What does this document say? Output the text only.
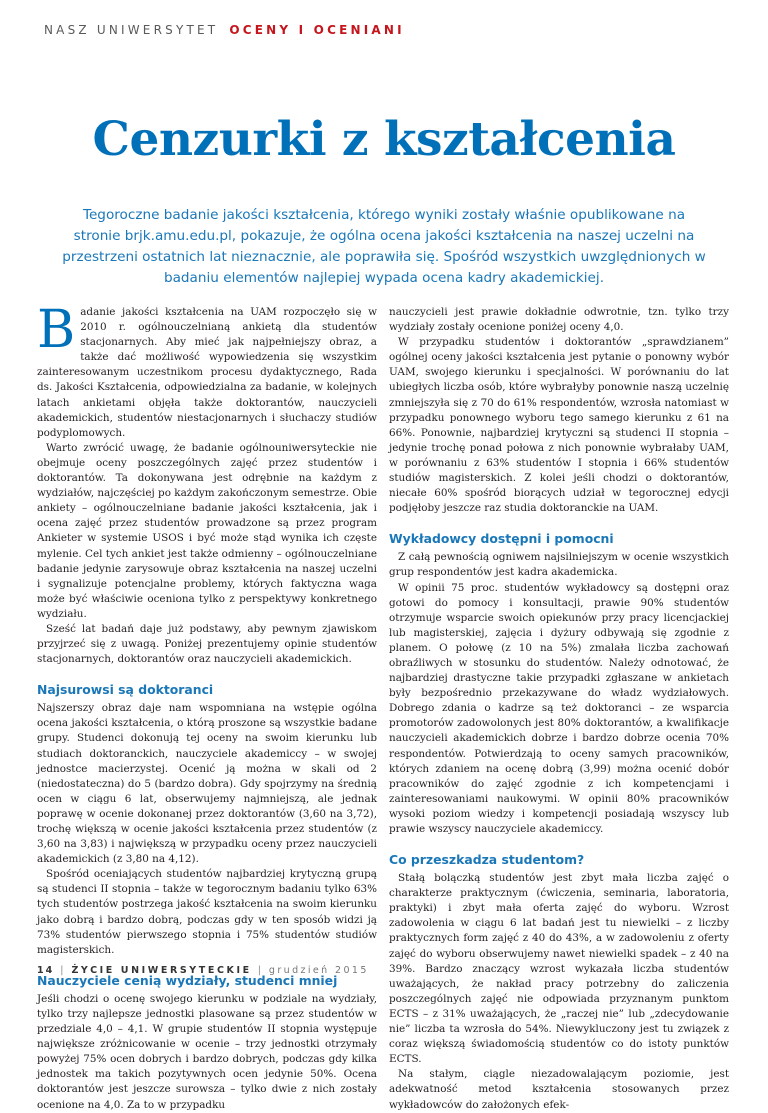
NASZ UNIWERSYTET OCENY I OCENIANI
Cenzurki z kształcenia
Tegoroczne badanie jakości kształcenia, którego wyniki zostały właśnie opublikowane na stronie brjk.amu.edu.pl, pokazuje, że ogólna ocena jakości kształcenia na naszej uczelni na przestrzeni ostatnich lat nieznacznie, ale poprawiła się. Spośród wszystkich uwzględnionych w badaniu elementów najlepiej wypada ocena kadry akademickiej.

Badanie jakości kształcenia na UAM rozpoczęło się w 2010 r. ogólnouczelnianą ankietą dla studentów stacjonarnych. Aby mieć jak najpełniejszy obraz, a także dać możliwość wypowiedzenia się wszystkim zainteresowanym uczestnikom procesu dydaktycznego, Rada ds. Jakości Kształcenia, odpowiedzialna za badanie, w kolejnych latach ankietami objęła także doktorantów, nauczycieli akademickich, studentów niestacjonarnych i słuchaczy studiów podyplomowych.

Warto zwrócić uwagę, że badanie ogólnouniwersyteckie nie obejmuje oceny poszczególnych zajęć przez studentów i doktorantów. Ta dokonywana jest odrębnie na każdym z wydziałów, najczęściej po każdym zakończonym semestrze. Obie ankiety – ogólnouczelniane badanie jakości kształcenia, jak i ocena zajęć przez studentów prowadzone są przez program Ankieter w systemie USOS i być może stąd wynika ich częste mylenie. Cel tych ankiet jest także odmienny – ogólnouczelniane badanie jedynie zarysowuje obraz kształcenia na naszej uczelni i sygnalizuje potencjalne problemy, których faktyczna waga może być właściwie oceniona tylko z perspektywy konkretnego wydziału.

Sześć lat badań daje już podstawy, aby pewnym zjawiskom przyjrzeć się z uwagą. Poniżej prezentujemy opinie studentów stacjonarnych, doktorantów oraz nauczycieli akademickich.

Najsurowsi są doktoranci

Najszerszy obraz daje nam wspomniana na wstępie ogólna ocena jakości kształcenia, o którą proszone są wszystkie badane grupy. Studenci dokonują tej oceny na swoim kierunku lub studiach doktoranckich, nauczyciele akademiccy – w swojej jednostce macierzystej. Ocenić ją można w skali od 2 (niedostateczna) do 5 (bardzo dobra). Gdy spojrzymy na średnią ocen w ciągu 6 lat, obserwujemy najmniejszą, ale jednak poprawę w ocenie dokonanej przez doktorantów (3,60 na 3,72), trochę większą w ocenie jakości kształcenia przez studentów (z 3,60 na 3,83) i największą w przypadku oceny przez nauczycieli akademickich (z 3,80 na 4,12).

Spośród oceniających studentów najbardziej krytyczną grupą są studenci II stopnia – także w tegorocznym badaniu tylko 63% tych studentów postrzega jakość kształcenia na swoim kierunku jako dobrą i bardzo dobrą, podczas gdy w ten sposób widzi ją 73% studentów pierwszego stopnia i 75% studentów studiów magisterskich.

Nauczyciele cenią wydziały, studenci mniej

Jeśli chodzi o ocenę swojego kierunku w podziale na wydziały, tylko trzy najlepsze jednostki plasowane są przez studentów w przedziale 4,0 – 4,1. W grupie studentów II stopnia występuje największe zróżnicowanie w ocenie – trzy jednostki otrzymały powyżej 75% ocen dobrych i bardzo dobrych, podczas gdy kilka jednostek ma takich pozytywnych ocen jedynie 50%. Ocena doktorantów jest jeszcze surowsza – tylko dwie z nich zostały ocenione na 4,0. Za to w przypadku

nauczycieli jest prawie dokładnie odwrotnie, tzn. tylko trzy wydziały zostały ocenione poniżej oceny 4,0.

W przypadku studentów i doktorantów „sprawdzianem” ogólnej oceny jakości kształcenia jest pytanie o ponowny wybór UAM, swojego kierunku i specjalności. W porównaniu do lat ubiegłych liczba osób, które wybrałyby ponownie naszą uczelnię zmniejszyła się z 70 do 61% respondentów, wzrosła natomiast w przypadku ponownego wyboru tego samego kierunku z 61 na 66%. Ponownie, najbardziej krytyczni są studenci II stopnia – jedynie trochę ponad połowa z nich ponownie wybrałaby UAM, w porównaniu z 63% studentów I stopnia i 66% studentów studiów magisterskich. Z kolei jeśli chodzi o doktorantów, niecałe 60% spośród biorących udział w tegorocznej edycji podjęłoby jeszcze raz studia doktoranckie na UAM.

Wykładowcy dostępni i pomocni

Z całą pewnością ogniwem najsilniejszym w ocenie wszystkich grup respondentów jest kadra akademicka.

W opinii 75 proc. studentów wykładowcy są dostępni oraz gotowi do pomocy i konsultacji, prawie 90% studentów otrzymuje wsparcie swoich opiekunów przy pracy licencjackiej lub magisterskiej, zajęcia i dyżury odbywają się zgodnie z planem. O połowę (z 10 na 5%) zmalała liczba zachowań obraźliwych w stosunku do studentów. Należy odnotować, że najbardziej drastyczne takie przypadki zgłaszane w ankietach były bezpośrednio przekazywane do władz wydziałowych. Dobrego zdania o kadrze są też doktoranci – ze wsparcia promotorów zadowolonych jest 80% doktorantów, a kwalifikacje nauczycieli akademickich dobrze i bardzo dobrze ocenia 70% respondentów. Potwierdzają to oceny samych pracowników, których zdaniem na ocenę dobrą (3,99) można ocenić dobór pracowników do zajęć zgodnie z ich kompetencjami i zainteresowaniami naukowymi. W opinii 80% pracowników wysoki poziom wiedzy i kompetencji posiadają wszyscy lub prawie wszyscy nauczyciele akademiccy.

Co przeszkadza studentom?

Stałą bolączką studentów jest zbyt mała liczba zajęć o charakterze praktycznym (ćwiczenia, seminaria, laboratoria, praktyki) i zbyt mała oferta zajęć do wyboru. Wzrost zadowolenia w ciągu 6 lat badań jest tu niewielki – z liczby praktycznych form zajęć z 40 do 43%, a w zadowoleniu z oferty zajęć do wyboru obserwujemy nawet niewielki spadek – z 40 na 39%. Bardzo znaczący wzrost wykazała liczba studentów uważających, że nakład pracy potrzebny do zaliczenia poszczególnych zajęć nie odpowiada przyznanym punktom ECTS – z 31% uważających, że „raczej nie” lub „zdecydowanie nie” liczba ta wzrosła do 54%. Niewykluczony jest tu związek z coraz większą świadomością studentów co do istoty punktów ECTS.

Na stałym, ciągle niezadowalającym poziomie, jest adekwatność metod kształcenia stosowanych przez wykładowców do założonych efek-

14 | ŻYCIE UNIWERSYTECKIE | grudzień 2015
